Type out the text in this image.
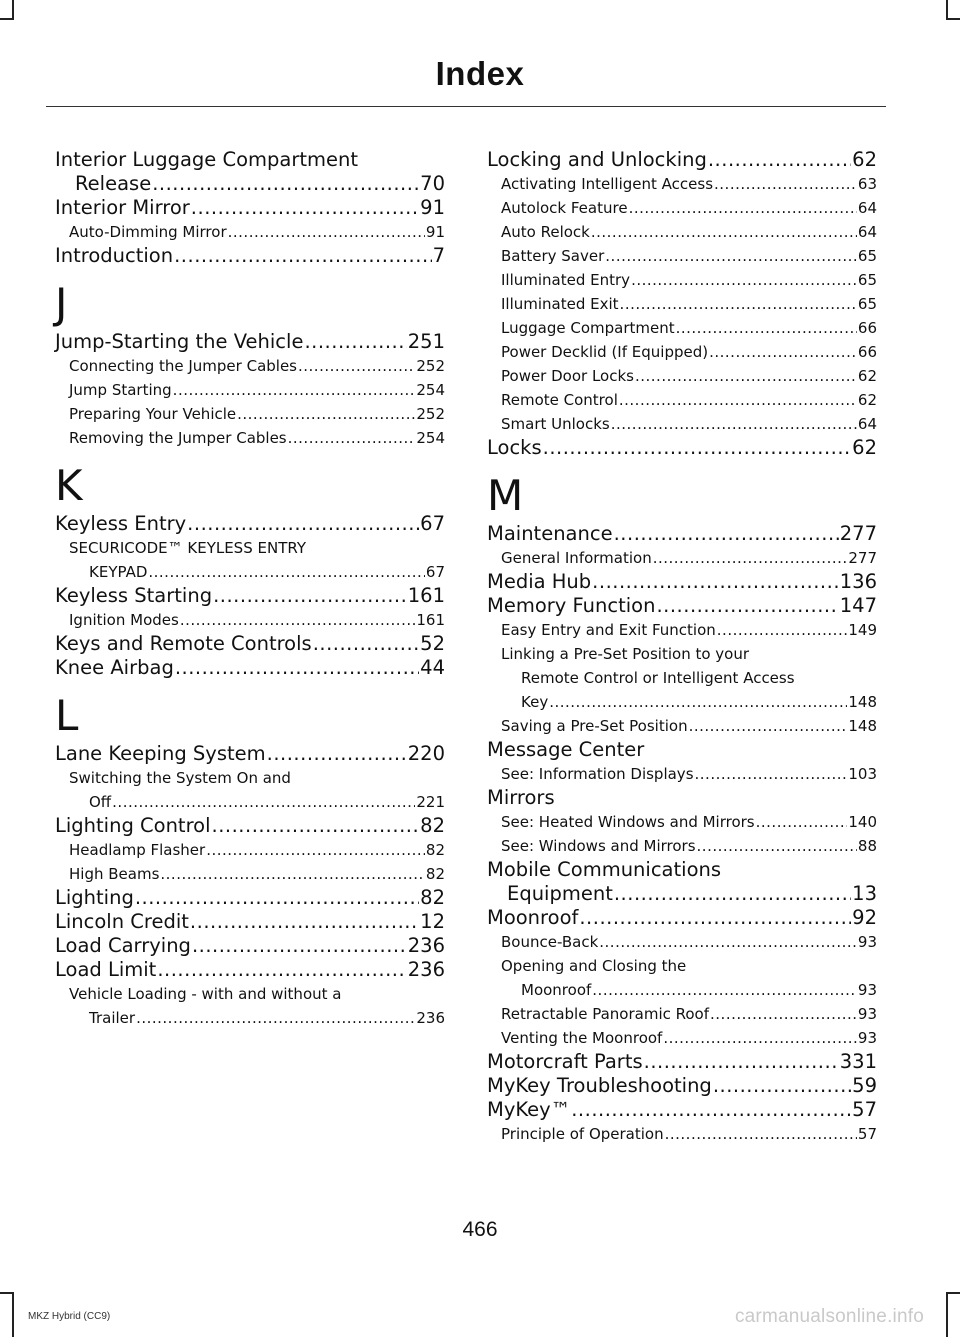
Index
Interior Luggage Compartment
Release .....	70
Interior Mirror .....	91
Auto-Dimming Mirror .....	91
Introduction .....	7
J
Jump-Starting the Vehicle .....	251
Connecting the Jumper Cables .....	252
Jump Starting .....	254
Preparing Your Vehicle .....	252
Removing the Jumper Cables .....	254
K
Keyless Entry .....	67
SECURICODE™ KEYLESS ENTRY
KEYPAD .....	67
Keyless Starting .....	161
Ignition Modes .....	161
Keys and Remote Controls .....	52
Knee Airbag .....	44
L
Lane Keeping System .....	220
Switching the System On and
Off .....	221
Lighting Control .....	82
Headlamp Flasher .....	82
High Beams .....	82
Lighting .....	82
Lincoln Credit .....	12
Load Carrying .....	236
Load Limit .....	236
Vehicle Loading - with and without a
Trailer .....	236
Locking and Unlocking .....	62
Activating Intelligent Access .....	63
Autolock Feature .....	64
Auto Relock .....	64
Battery Saver .....	65
Illuminated Entry .....	65
Illuminated Exit .....	65
Luggage Compartment .....	66
Power Decklid (If Equipped) .....	66
Power Door Locks .....	62
Remote Control .....	62
Smart Unlocks .....	64
Locks .....	62
M
Maintenance .....	277
General Information .....	277
Media Hub .....	136
Memory Function .....	147
Easy Entry and Exit Function .....	149
Linking a Pre-Set Position to your
Remote Control or Intelligent Access
Key .....	148
Saving a Pre-Set Position .....	148
Message Center
See: Information Displays .....	103
Mirrors
See: Heated Windows and Mirrors .....	140
See: Windows and Mirrors .....	88
Mobile Communications
Equipment .....	13
Moonroof .....	92
Bounce-Back .....	93
Opening and Closing the
Moonroof .....	93
Retractable Panoramic Roof .....	93
Venting the Moonroof .....	93
Motorcraft Parts .....	331
MyKey Troubleshooting .....	59
MyKey™ .....	57
Principle of Operation .....	57
466
MKZ Hybrid (CC9)	carmanualsonline.info
